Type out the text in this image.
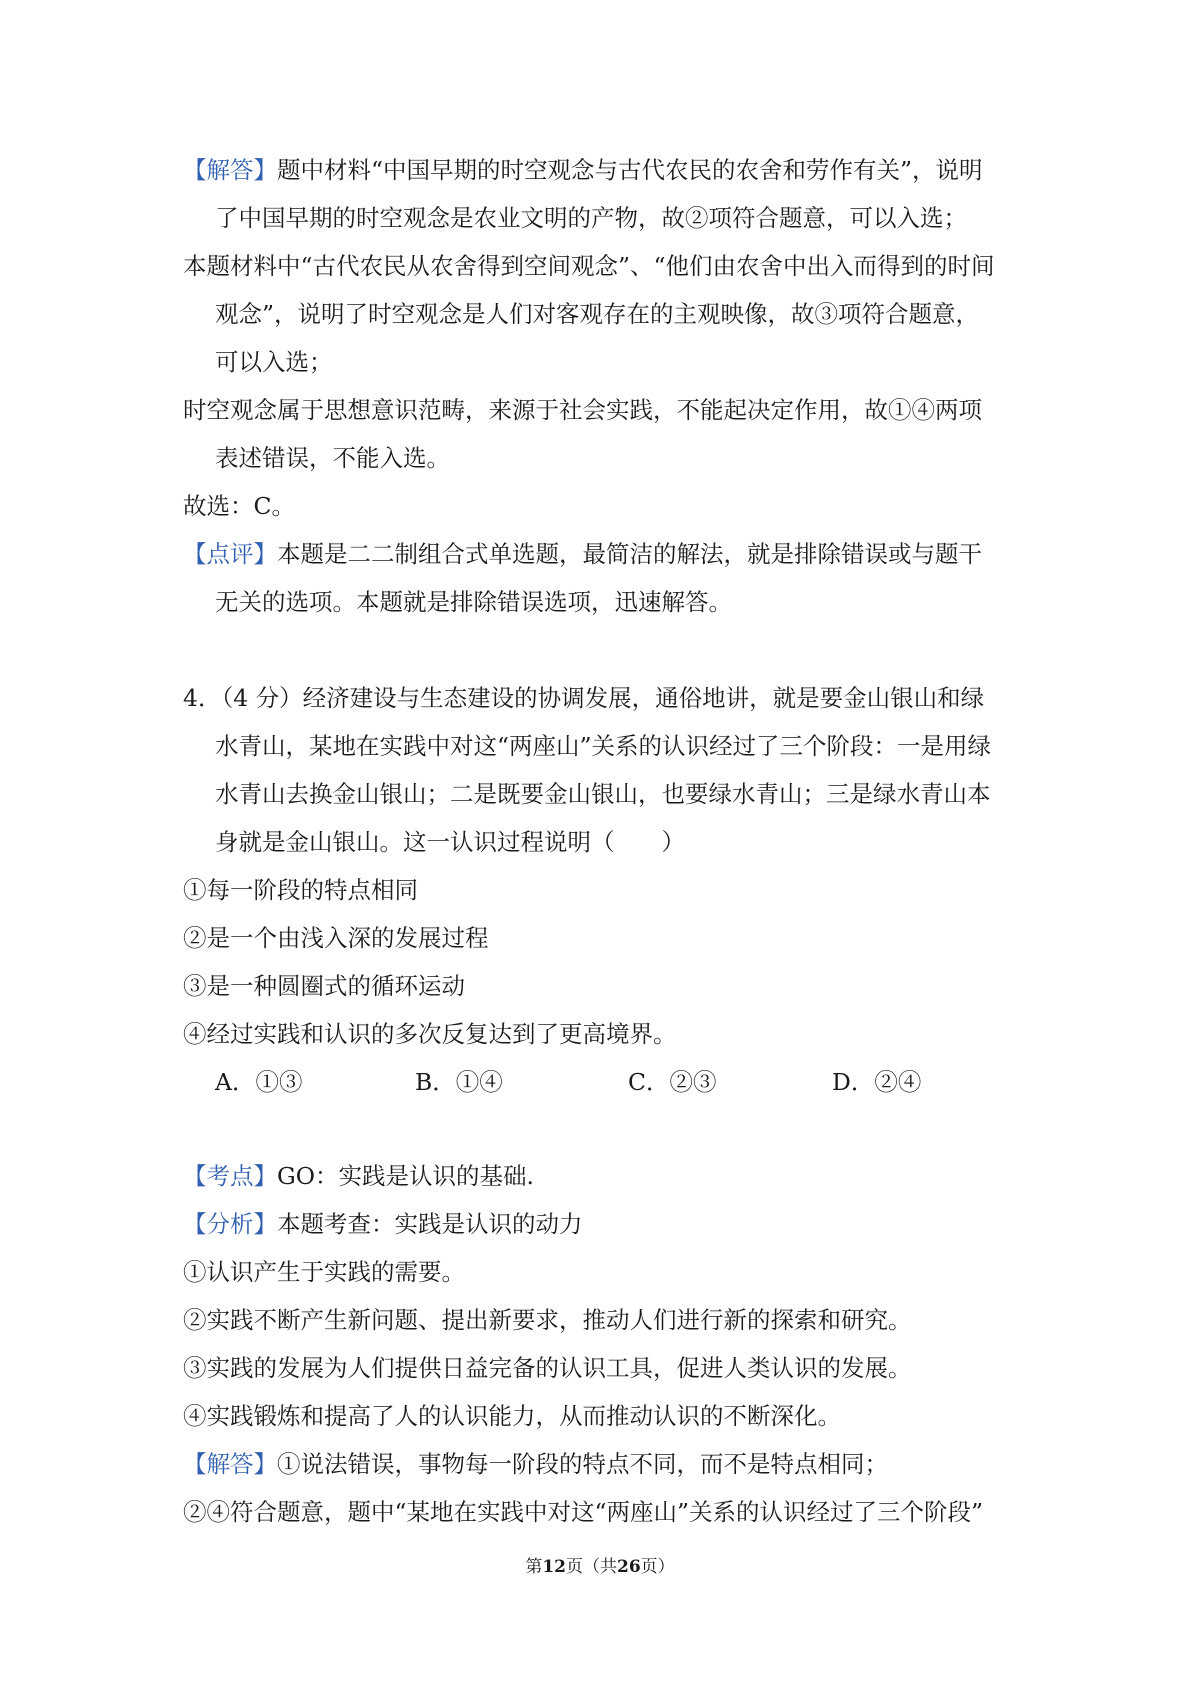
【解答】题中材料“中国早期的时空观念与古代农民的农舍和劳作有关”，说明
了中国早期的时空观念是农业文明的产物，故②项符合题意，可以入选；
本题材料中“古代农民从农舍得到空间观念”、“他们由农舍中出入而得到的时间
观念”，说明了时空观念是人们对客观存在的主观映像，故③项符合题意，
可以入选；
时空观念属于思想意识范畴，来源于社会实践，不能起决定作用，故①④两项
表述错误，不能入选。
故选：C。
【点评】本题是二二制组合式单选题，最简洁的解法，就是排除错误或与题干
无关的选项。本题就是排除错误选项，迅速解答。
4．（4 分）经济建设与生态建设的协调发展，通俗地讲，就是要金山银山和绿
水青山，某地在实践中对这“两座山”关系的认识经过了三个阶段：一是用绿
水青山去换金山银山；二是既要金山银山，也要绿水青山；三是绿水青山本
身就是金山银山。这一认识过程说明（　　）
①每一阶段的特点相同
②是一个由浅入深的发展过程
③是一种圆圈式的循环运动
④经过实践和认识的多次反复达到了更高境界。
A．①③	B．①④	C．②③	D．②④
【考点】GO：实践是认识的基础.
【分析】本题考查：实践是认识的动力
①认识产生于实践的需要。
②实践不断产生新问题、提出新要求，推动人们进行新的探索和研究。
③实践的发展为人们提供日益完备的认识工具，促进人类认识的发展。
④实践锻炼和提高了人的认识能力，从而推动认识的不断深化。
【解答】①说法错误，事物每一阶段的特点不同，而不是特点相同；
②④符合题意，题中“某地在实践中对这“两座山”关系的认识经过了三个阶段”
第12页（共26页）
